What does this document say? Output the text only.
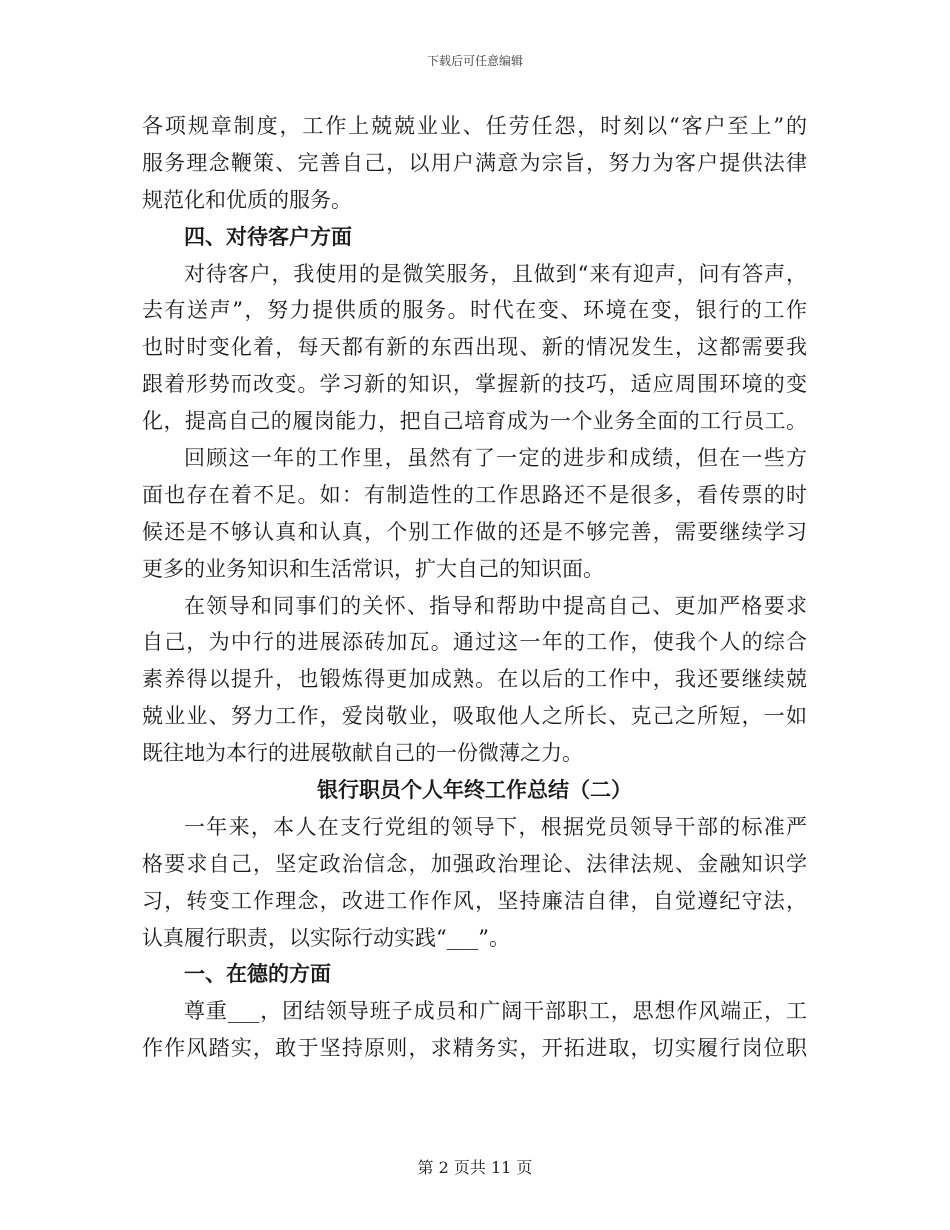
下载后可任意编辑
各项规章制度，工作上兢兢业业、任劳任怨，时刻以“客户至上”的
服务理念鞭策、完善自己，以用户满意为宗旨，努力为客户提供法律
规范化和优质的服务。
四、对待客户方面
对待客户，我使用的是微笑服务，且做到“来有迎声，问有答声，
去有送声”，努力提供质的服务。时代在变、环境在变，银行的工作
也时时变化着，每天都有新的东西出现、新的情况发生，这都需要我
跟着形势而改变。学习新的知识，掌握新的技巧，适应周围环境的变
化，提高自己的履岗能力，把自己培育成为一个业务全面的工行员工。
回顾这一年的工作里，虽然有了一定的进步和成绩，但在一些方
面也存在着不足。如：有制造性的工作思路还不是很多，看传票的时
候还是不够认真和认真，个别工作做的还是不够完善，需要继续学习
更多的业务知识和生活常识，扩大自己的知识面。
在领导和同事们的关怀、指导和帮助中提高自己、更加严格要求
自己，为中行的进展添砖加瓦。通过这一年的工作，使我个人的综合
素养得以提升，也锻炼得更加成熟。在以后的工作中，我还要继续兢
兢业业、努力工作，爱岗敬业，吸取他人之所长、克己之所短，一如
既往地为本行的进展敬献自己的一份微薄之力。
银行职员个人年终工作总结（二）
一年来，本人在支行党组的领导下，根据党员领导干部的标准严
格要求自己，坚定政治信念，加强政治理论、法律法规、金融知识学
习，转变工作理念，改进工作作风，坚持廉洁自律，自觉遵纪守法，
认真履行职责，以实际行动实践“___”。
一、在德的方面
尊重___，团结领导班子成员和广阔干部职工，思想作风端正，工
作作风踏实，敢于坚持原则，求精务实，开拓进取，切实履行岗位职
第 2 页共 11 页
